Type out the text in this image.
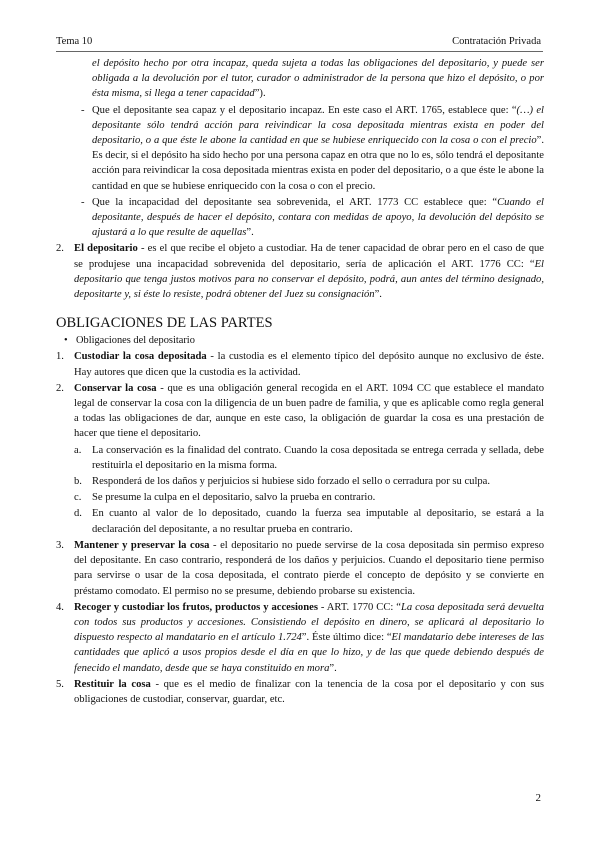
Tema 10	Contratación Privada

el depósito hecho por otra incapaz, queda sujeta a todas las obligaciones del depositario, y puede ser obligada a la devolución por el tutor, curador o administrador de la persona que hizo el depósito, o por ésta misma, si llega a tener capacidad”).

- Que el depositante sea capaz y el depositario incapaz. En este caso el ART. 1765, establece que: “(…) el depositante sólo tendrá acción para reivindicar la cosa depositada mientras exista en poder del depositario, o a que éste le abone la cantidad en que se hubiese enriquecido con la cosa o con el precio”. Es decir, si el depósito ha sido hecho por una persona capaz en otra que no lo es, sólo tendrá el depositante acción para reivindicar la cosa depositada mientras exista en poder del depositario, o a que éste le abone la cantidad en que se hubiese enriquecido con la cosa o con el precio.
- Que la incapacidad del depositante sea sobrevenida, el ART. 1773 CC establece que: “Cuando el depositante, después de hacer el depósito, contara con medidas de apoyo, la devolución del depósito se ajustará a lo que resulte de aquellas”.
2. El depositario - es el que recibe el objeto a custodiar. Ha de tener capacidad de obrar pero en el caso de que se produjese una incapacidad sobrevenida del depositario, sería de aplicación el ART. 1776 CC: “El depositario que tenga justos motivos para no conservar el depósito, podrá, aun antes del término designado, depositarte y, si éste lo resiste, podrá obtener del Juez su consignación”.
OBLIGACIONES DE LAS PARTES
• Obligaciones del depositario
1. Custodiar la cosa depositada - la custodia es el elemento típico del depósito aunque no exclusivo de éste. Hay autores que dicen que la custodia es la actividad.
2. Conservar la cosa - que es una obligación general recogida en el ART. 1094 CC que establece el mandato legal de conservar la cosa con la diligencia de un buen padre de familia, y que es aplicable como regla general a todas las obligaciones de dar, aunque en este caso, la obligación de guardar la cosa es una prestación de hacer que tiene el depositario.
a. La conservación es la finalidad del contrato. Cuando la cosa depositada se entrega cerrada y sellada, debe restituirla el depositario en la misma forma.
b. Responderá de los daños y perjuicios si hubiese sido forzado el sello o cerradura por su culpa.
c. Se presume la culpa en el depositario, salvo la prueba en contrario.
d. En cuanto al valor de lo depositado, cuando la fuerza sea imputable al depositario, se estará a la declaración del depositante, a no resultar prueba en contrario.
3. Mantener y preservar la cosa - el depositario no puede servirse de la cosa depositada sin permiso expreso del depositante. En caso contrario, responderá de los daños y perjuicios. Cuando el depositario tiene permiso para servirse o usar de la cosa depositada, el contrato pierde el concepto de depósito y se convierte en préstamo comodato. El permiso no se presume, debiendo probarse su existencia.
4. Recoger y custodiar los frutos, productos y accesiones - ART. 1770 CC: “La cosa depositada será devuelta con todos sus productos y accesiones. Consistiendo el depósito en dinero, se aplicará al depositario lo dispuesto respecto al mandatario en el artículo 1.724”. Éste último dice: “El mandatario debe intereses de las cantidades que aplicó a usos propios desde el día en que lo hizo, y de las que quede debiendo después de fenecido el mandato, desde que se haya constituido en mora”.
5. Restituir la cosa - que es el medio de finalizar con la tenencia de la cosa por el depositario y con sus obligaciones de custodiar, conservar, guardar, etc.
2
